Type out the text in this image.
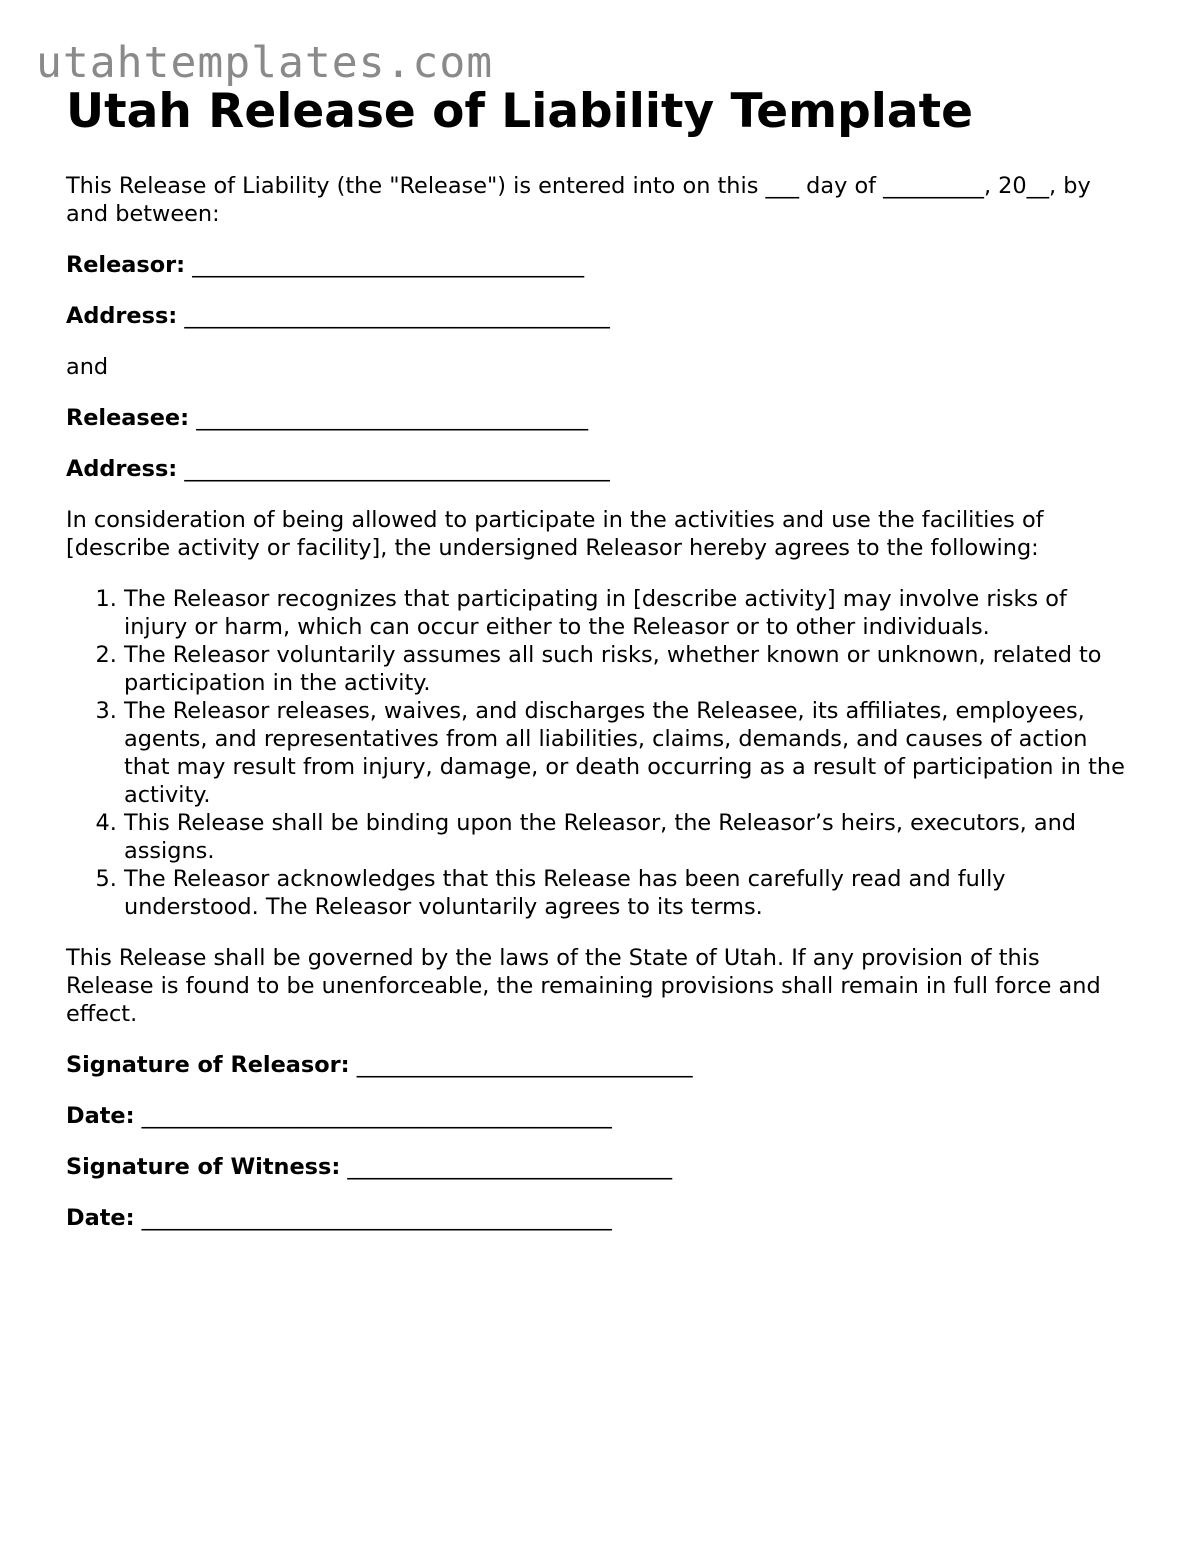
utahtemplates.com
Utah Release of Liability Template

This Release of Liability (the "Release") is entered into on this ___ day of _________, 20__, by and between:

Releasor: ___________________________________
Address: ______________________________________

and

Releasee: ___________________________________
Address: ______________________________________

In consideration of being allowed to participate in the activities and use the facilities of [describe activity or facility], the undersigned Releasor hereby agrees to the following:

1. The Releasor recognizes that participating in [describe activity] may involve risks of injury or harm, which can occur either to the Releasor or to other individuals.
2. The Releasor voluntarily assumes all such risks, whether known or unknown, related to participation in the activity.
3. The Releasor releases, waives, and discharges the Releasee, its affiliates, employees, agents, and representatives from all liabilities, claims, demands, and causes of action that may result from injury, damage, or death occurring as a result of participation in the activity.
4. This Release shall be binding upon the Releasor, the Releasor’s heirs, executors, and assigns.
5. The Releasor acknowledges that this Release has been carefully read and fully understood. The Releasor voluntarily agrees to its terms.

This Release shall be governed by the laws of the State of Utah. If any provision of this Release is found to be unenforceable, the remaining provisions shall remain in full force and effect.

Signature of Releasor: ______________________________
Date: __________________________________________
Signature of Witness: _____________________________
Date: __________________________________________
